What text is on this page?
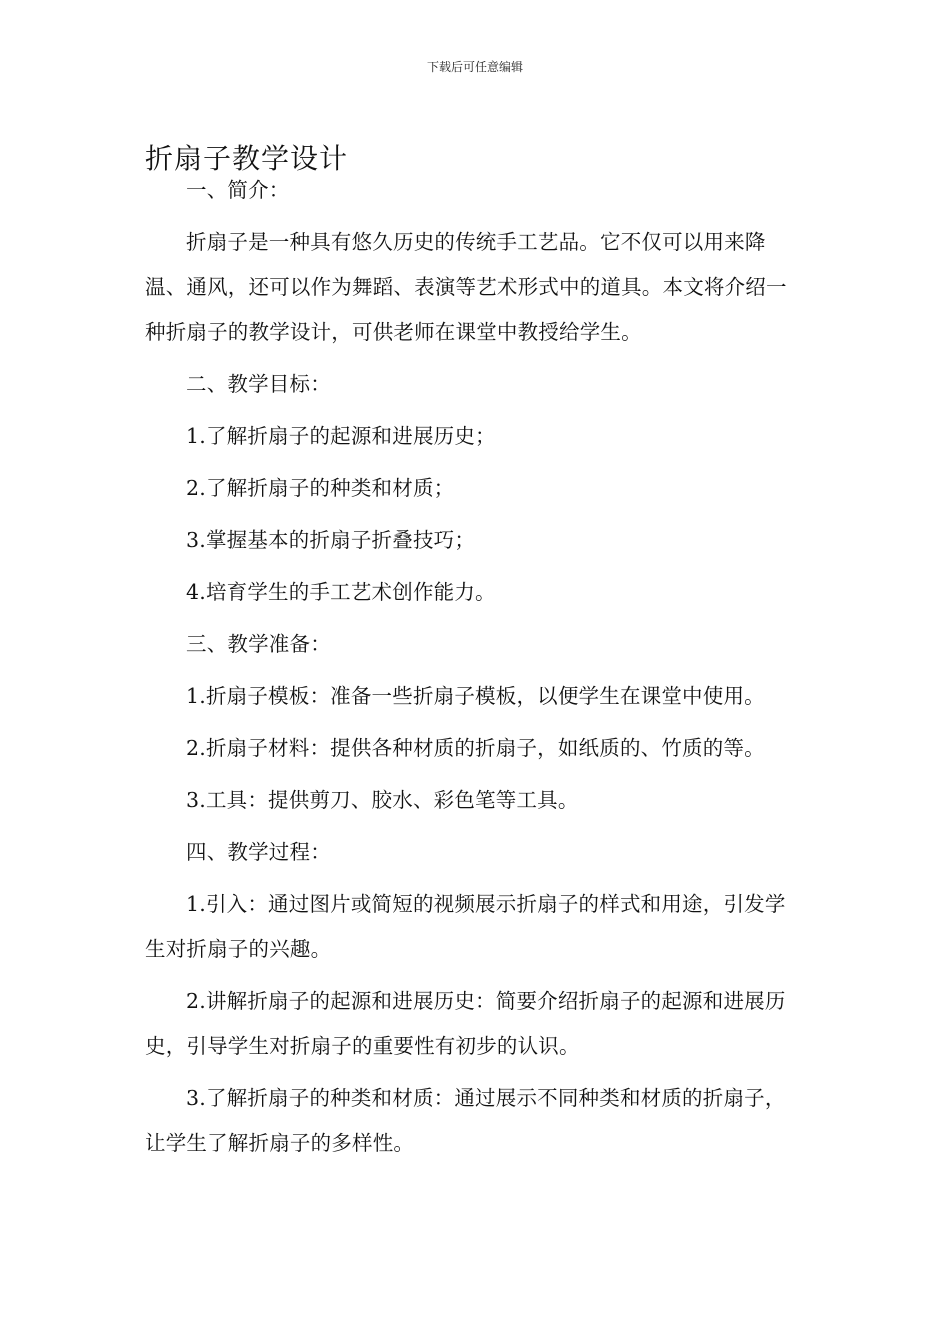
下载后可任意编辑
折扇子教学设计

一、简介：

折扇子是一种具有悠久历史的传统手工艺品。它不仅可以用来降温、通风，还可以作为舞蹈、表演等艺术形式中的道具。本文将介绍一种折扇子的教学设计，可供老师在课堂中教授给学生。

二、教学目标：

1.了解折扇子的起源和进展历史；

2.了解折扇子的种类和材质；

3.掌握基本的折扇子折叠技巧；

4.培育学生的手工艺术创作能力。

三、教学准备：

1.折扇子模板：准备一些折扇子模板，以便学生在课堂中使用。

2.折扇子材料：提供各种材质的折扇子，如纸质的、竹质的等。

3.工具：提供剪刀、胶水、彩色笔等工具。

四、教学过程：

1.引入：通过图片或简短的视频展示折扇子的样式和用途，引发学生对折扇子的兴趣。

2.讲解折扇子的起源和进展历史：简要介绍折扇子的起源和进展历史，引导学生对折扇子的重要性有初步的认识。

3.了解折扇子的种类和材质：通过展示不同种类和材质的折扇子，让学生了解折扇子的多样性。
